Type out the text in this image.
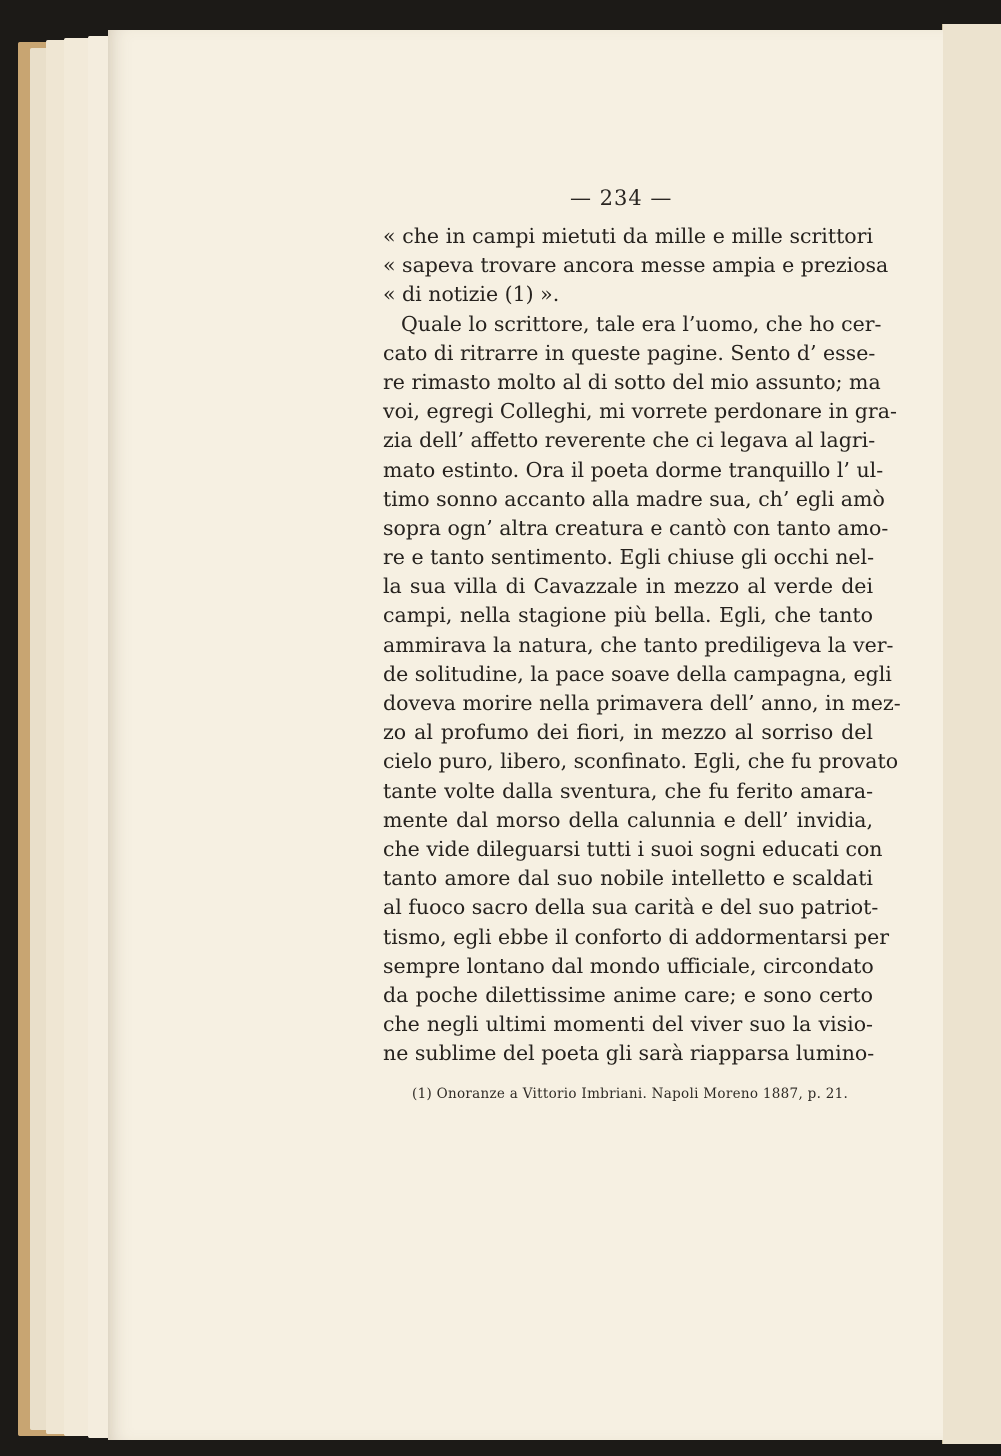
— 234 —
« che in campi mietuti da mille e mille scrittori
« sapeva trovare ancora messe ampia e preziosa
« di notizie (1) ».
Quale lo scrittore, tale era l’uomo, che ho cer-
cato di ritrarre in queste pagine. Sento d’ esse-
re rimasto molto al di sotto del mio assunto; ma
voi, egregi Colleghi, mi vorrete perdonare in gra-
zia dell’ affetto reverente che ci legava al lagri-
mato estinto. Ora il poeta dorme tranquillo l’ ul-
timo sonno accanto alla madre sua, ch’ egli amò
sopra ogn’ altra creatura e cantò con tanto amo-
re e tanto sentimento. Egli chiuse gli occhi nel-
la sua villa di Cavazzale in mezzo al verde dei
campi, nella stagione più bella. Egli, che tanto
ammirava la natura, che tanto prediligeva la ver-
de solitudine, la pace soave della campagna, egli
doveva morire nella primavera dell’ anno, in mez-
zo al profumo dei fiori, in mezzo al sorriso del
cielo puro, libero, sconfinato. Egli, che fu provato
tante volte dalla sventura, che fu ferito amara-
mente dal morso della calunnia e dell’ invidia,
che vide dileguarsi tutti i suoi sogni educati con
tanto amore dal suo nobile intelletto e scaldati
al fuoco sacro della sua carità e del suo patriot-
tismo, egli ebbe il conforto di addormentarsi per
sempre lontano dal mondo ufficiale, circondato
da poche dilettissime anime care; e sono certo
che negli ultimi momenti del viver suo la visio-
ne sublime del poeta gli sarà riapparsa lumino-
(1) Onoranze a Vittorio Imbriani. Napoli Moreno 1887, p. 21.
